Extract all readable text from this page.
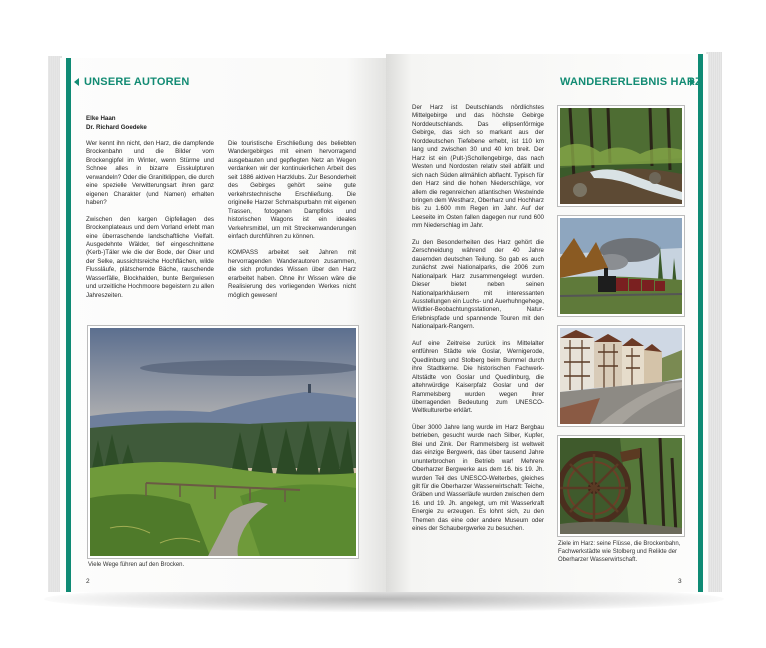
UNSERE AUTOREN
Elke Haan
Dr. Richard Goedeke

Wer kennt ihn nicht, den Harz, die dampfende Brockenbahn und die Bilder vom Brockengipfel im Winter, wenn Stürme und Schnee alles in bizarre Eisskulpturen verwandeln? Oder die Granitklippen, die durch eine spezielle Verwitterungsart ihren ganz eigenen Charakter (und Namen) erhalten haben?

Zwischen den kargen Gipfellagen des Brockenplateaus und dem Vorland erlebt man eine überraschende landschaftliche Vielfalt. Ausgedehnte Wälder, tief eingeschnittene (Kerb-)Täler wie die der Bode, der Oker und der Selke, aussichtsreiche Hochflächen, wilde Flussläufe, plätschernde Bäche, rauschende Wasserfälle, Blockhalden, bunte Bergwiesen und urzeitliche Hochmoore begeistern zu allen Jahreszeiten.

Die touristische Erschließung des beliebten Wandergebirges mit einem hervorragend ausgebauten und gepflegten Netz an Wegen verdanken wir der kontinuierlichen Arbeit des seit 1886 aktiven Harzklubs. Zur Besonderheit des Gebirges gehört seine gute verkehrstechnische Erschließung. Die originelle Harzer Schmalspurbahn mit eigenen Trassen, fotogenen Dampfloks und historischen Wagons ist ein ideales Verkehrsmittel, um mit Streckenwanderungen einfach durchführen zu können.

KOMPASS arbeitet seit Jahren mit hervorragenden Wanderautoren zusammen, die sich profundes Wissen über den Harz erarbeitet haben. Ohne ihr Wissen wäre die Realisierung des vorliegenden Werkes nicht möglich gewesen!

Viele Wege führen auf den Brocken.
2
WANDERERLEBNIS HARZ

Der Harz ist Deutschlands nördlichstes Mittelgebirge und das höchste Gebirge Norddeutschlands. Das ellipsenförmige Gebirge, das sich so markant aus der Norddeutschen Tiefebene erhebt, ist 110 km lang und zwischen 30 und 40 km breit. Der Harz ist ein (Pult-)Schollengebirge, das nach Westen und Nordosten relativ steil abfällt und sich nach Süden allmählich abflacht. Typisch für den Harz sind die hohen Niederschläge, vor allem die regenreichen atlantischen Westwinde bringen dem Westharz, Oberharz und Hochharz bis zu 1.600 mm Regen im Jahr. Auf der Leeseite im Osten fallen dagegen nur rund 600 mm Niederschlag im Jahr.

Zu den Besonderheiten des Harz gehört die Zerschneidung während der 40 Jahre dauernden deutschen Teilung. So gab es auch zunächst zwei Nationalparks, die 2006 zum Nationalpark Harz zusammengelegt wurden. Dieser bietet neben seinen Nationalparkhäusern mit interessanten Ausstellungen ein Luchs- und Auerhuhngehege, Wildtier-Beobachtungsstationen, Natur-Erlebnispfade und spannende Touren mit den Nationalpark-Rangern.

Auf eine Zeitreise zurück ins Mittelalter entführen Städte wie Goslar, Wernigerode, Quedlinburg und Stolberg beim Bummel durch ihre Stadtkerne. Die historischen Fachwerk-Altstädte von Goslar und Quedlinburg, die altehrwürdige Kaiserpfalz Goslar und der Rammelsberg wurden wegen ihrer überragenden Bedeutung zum UNESCO-Weltkulturerbe erklärt.

Über 3000 Jahre lang wurde im Harz Bergbau betrieben, gesucht wurde nach Silber, Kupfer, Blei und Zink. Der Rammelsberg ist weltweit das einzige Bergwerk, das über tausend Jahre ununterbrochen in Betrieb war! Mehrere Oberharzer Bergwerke aus dem 16. bis 19. Jh. wurden Teil des UNESCO-Welterbes, gleiches gilt für die Oberharzer Wasserwirtschaft: Teiche, Gräben und Wasserläufe wurden zwischen dem 16. und 19. Jh. angelegt, um mit Wasserkraft Energie zu erzeugen. Es lohnt sich, zu den Themen das eine oder andere Museum oder eines der Schaubergwerke zu besuchen.

Ziele im Harz: seine Flüsse, die Brockenbahn, Fachwerkstädte wie Stolberg und Relikte der Oberharzer Wasserwirtschaft.
3
